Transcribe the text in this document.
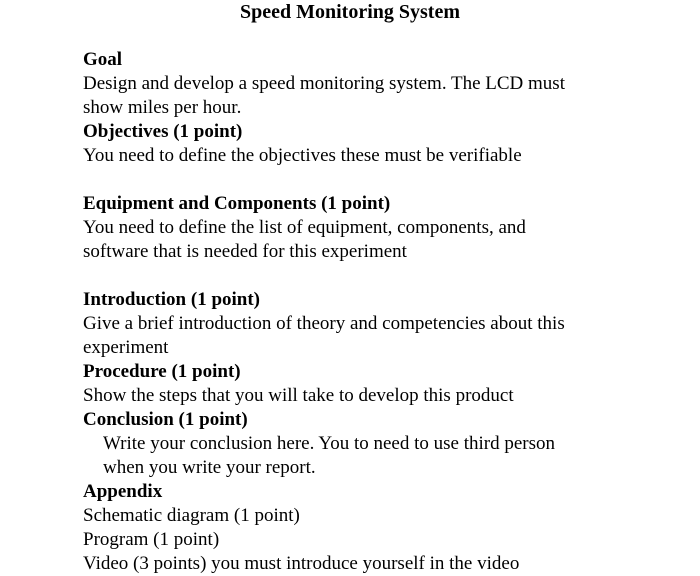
Speed Monitoring System
Goal
Design and develop a speed monitoring system. The LCD must
show miles per hour.
Objectives (1 point)
You need to define the objectives these must be verifiable
Equipment and Components (1 point)
You need to define the list of equipment, components, and
software that is needed for this experiment
Introduction (1 point)
Give a brief introduction of theory and competencies about this
experiment
Procedure (1 point)
Show the steps that you will take to develop this product
Conclusion (1 point)
Write your conclusion here. You to need to use third person
when you write your report.
Appendix
Schematic diagram (1 point)
Program (1 point)
Video (3 points) you must introduce yourself in the video
